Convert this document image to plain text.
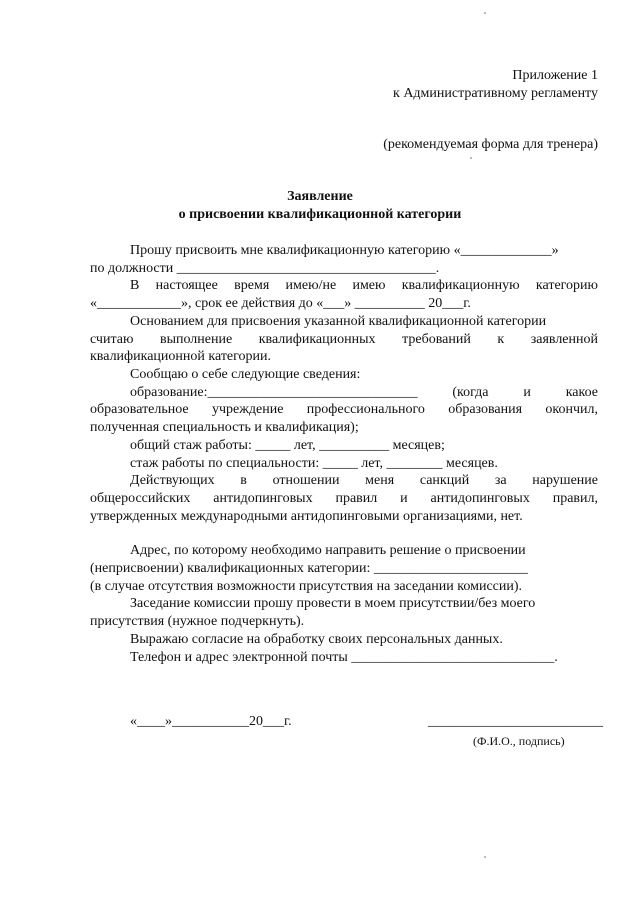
Приложение 1
к Административному регламенту
(рекомендуемая форма для тренера)
Заявление
о присвоении квалификационной категории
Прошу присвоить мне квалификационную категорию «_____________»
по должности _____________________________________.
В настоящее время имею/не имею квалификационную категорию
«____________», срок ее действия до «___» __________ 20___г.
Основанием для присвоения указанной квалификационной категории
считаю выполнение квалификационных требований к заявленной
квалификационной категории.
Сообщаю о себе следующие сведения:
образование:______________________________ (когда и какое
образовательное учреждение профессионального образования окончил,
полученная специальность и квалификация);
общий стаж работы: _____ лет, __________ месяцев;
стаж работы по специальности: _____ лет, ________ месяцев.
Действующих в отношении меня санкций за нарушение
общероссийских антидопинговых правил и антидопинговых правил,
утвержденных международными антидопинговыми организациями, нет.
Адрес, по которому необходимо направить решение о присвоении
(неприсвоении) квалификационных категории: ______________________
(в случае отсутствия возможности присутствия на заседании комиссии).
Заседание комиссии прошу провести в моем присутствии/без моего
присутствия (нужное подчеркнуть).
Выражаю согласие на обработку своих персональных данных.
Телефон и адрес электронной почты _____________________________.
«____»___________20___г.	_________________________
(Ф.И.О., подпись)
